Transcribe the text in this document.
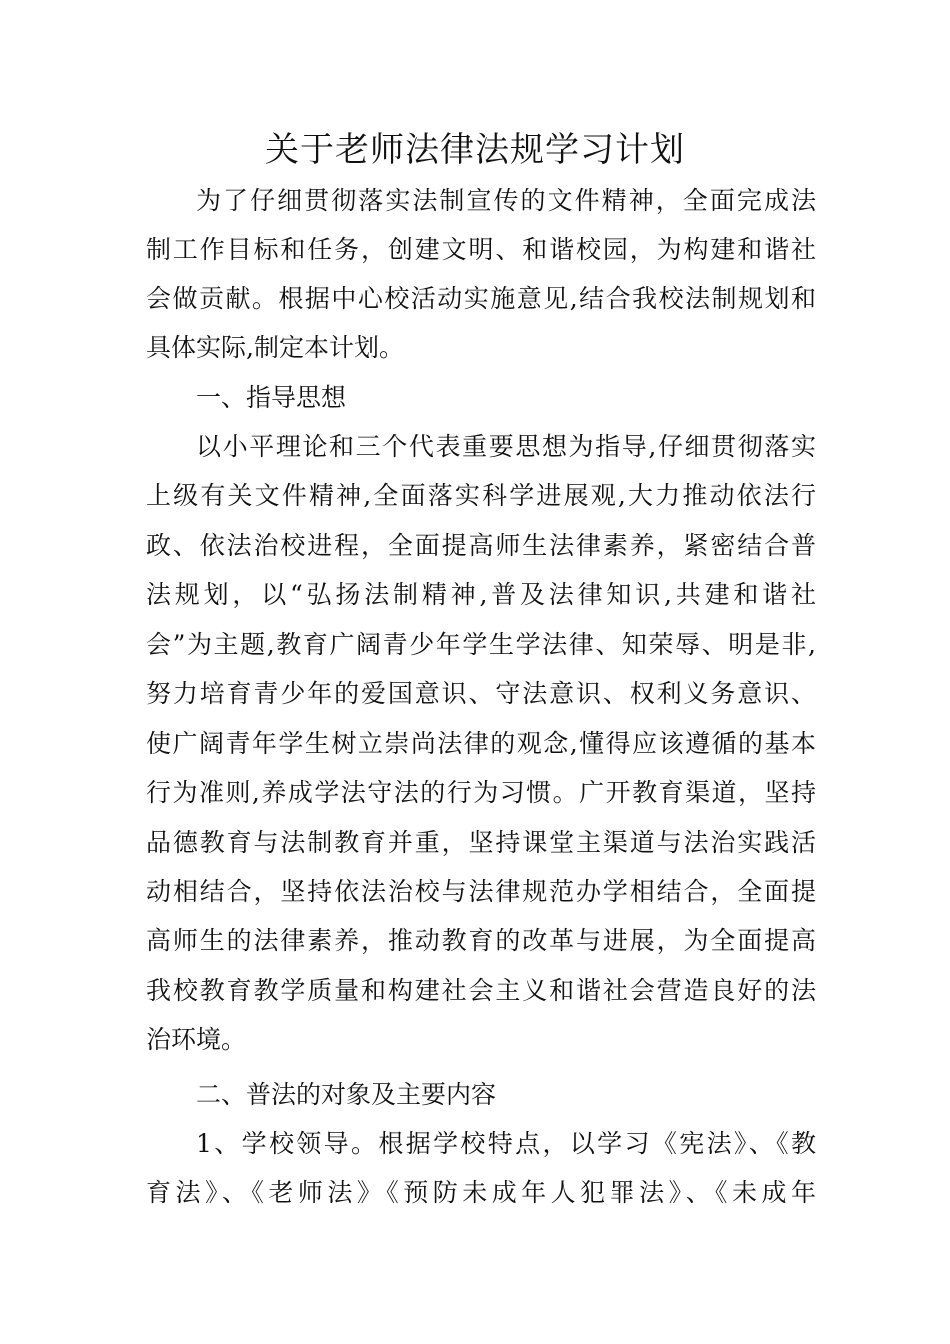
关于老师法律法规学习计划
为了仔细贯彻落实法制宣传的文件精神，全面完成法
制工作目标和任务，创建文明、和谐校园，为构建和谐社
会做贡献。根据中心校活动实施意见,结合我校法制规划和
具体实际,制定本计划。
一、指导思想
以小平理论和三个代表重要思想为指导,仔细贯彻落实
上级有关文件精神,全面落实科学进展观,大力推动依法行
政、依法治校进程，全面提高师生法律素养，紧密结合普
法规划，以“弘扬法制精神,普及法律知识,共建和谐社
会”为主题,教育广阔青少年学生学法律、知荣辱、明是非,
努力培育青少年的爱国意识、守法意识、权利义务意识、
使广阔青年学生树立崇尚法律的观念,懂得应该遵循的基本
行为准则,养成学法守法的行为习惯。广开教育渠道，坚持
品德教育与法制教育并重，坚持课堂主渠道与法治实践活
动相结合，坚持依法治校与法律规范办学相结合，全面提
高师生的法律素养，推动教育的改革与进展，为全面提高
我校教育教学质量和构建社会主义和谐社会营造良好的法
治环境。
二、普法的对象及主要内容
1、学校领导。根据学校特点，以学习《宪法》、《教
育法》、《老师法》《预防未成年人犯罪法》、《未成年
